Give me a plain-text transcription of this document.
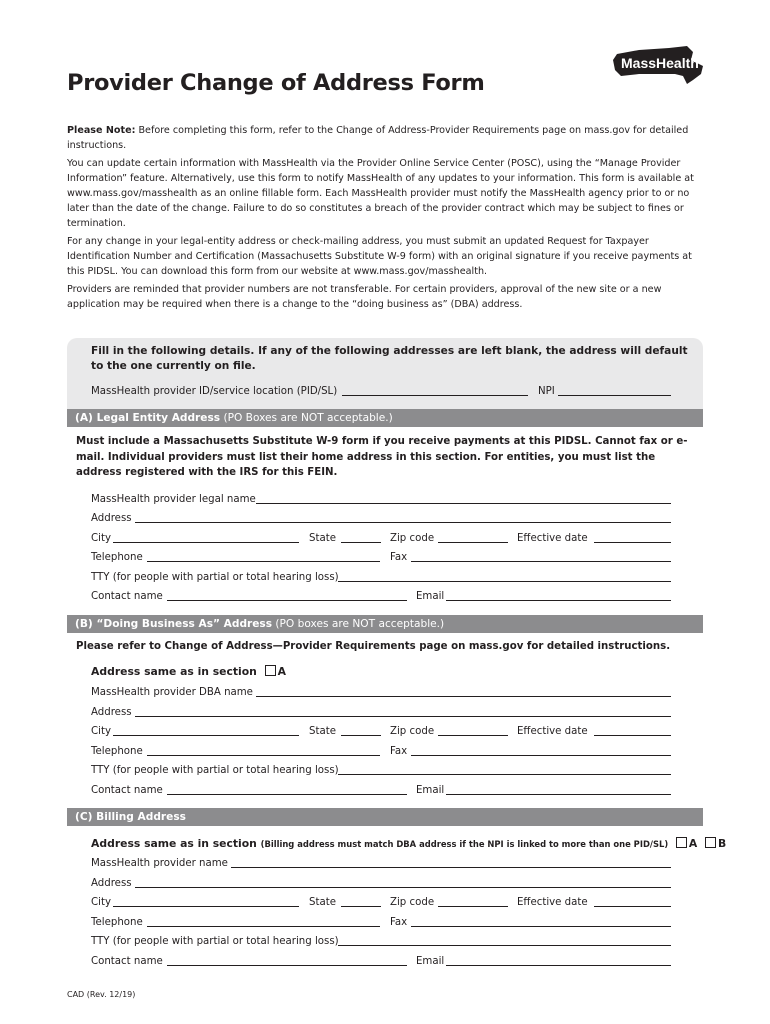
Provider Change of Address Form
MassHealth

Please Note: Before completing this form, refer to the Change of Address-Provider Requirements page on mass.gov for detailed instructions.

You can update certain information with MassHealth via the Provider Online Service Center (POSC), using the “Manage Provider Information” feature. Alternatively, use this form to notify MassHealth of any updates to your information. This form is available at www.mass.gov/masshealth as an online fillable form. Each MassHealth provider must notify the MassHealth agency prior to or no later than the date of the change. Failure to do so constitutes a breach of the provider contract which may be subject to fines or termination.

For any change in your legal-entity address or check-mailing address, you must submit an updated Request for Taxpayer Identification Number and Certification (Massachusetts Substitute W-9 form) with an original signature if you receive payments at this PIDSL. You can download this form from our website at www.mass.gov/masshealth.

Providers are reminded that provider numbers are not transferable. For certain providers, approval of the new site or a new application may be required when there is a change to the “doing business as” (DBA) address.

Fill in the following details. If any of the following addresses are left blank, the address will default to the one currently on file.
MassHealth provider ID/service location (PID/SL)	NPI
(A) Legal Entity Address (PO Boxes are NOT acceptable.)
Must include a Massachusetts Substitute W-9 form if you receive payments at this PIDSL. Cannot fax or e-mail. Individual providers must list their home address in this section. For entities, you must list the address registered with the IRS for this FEIN.
MassHealth provider legal name
Address
City	State	Zip code	Effective date
Telephone	Fax
TTY (for people with partial or total hearing loss)
Contact name	Email
(B) “Doing Business As” Address (PO boxes are NOT acceptable.)
Please refer to Change of Address—Provider Requirements page on mass.gov for detailed instructions.
Address same as in section A
MassHealth provider DBA name
Address
City	State	Zip code	Effective date
Telephone	Fax
TTY (for people with partial or total hearing loss)
Contact name	Email
(C) Billing Address
Address same as in section (Billing address must match DBA address if the NPI is linked to more than one PID/SL) A B
MassHealth provider name
Address
City	State	Zip code	Effective date
Telephone	Fax
TTY (for people with partial or total hearing loss)
Contact name	Email
CAD (Rev. 12/19)
